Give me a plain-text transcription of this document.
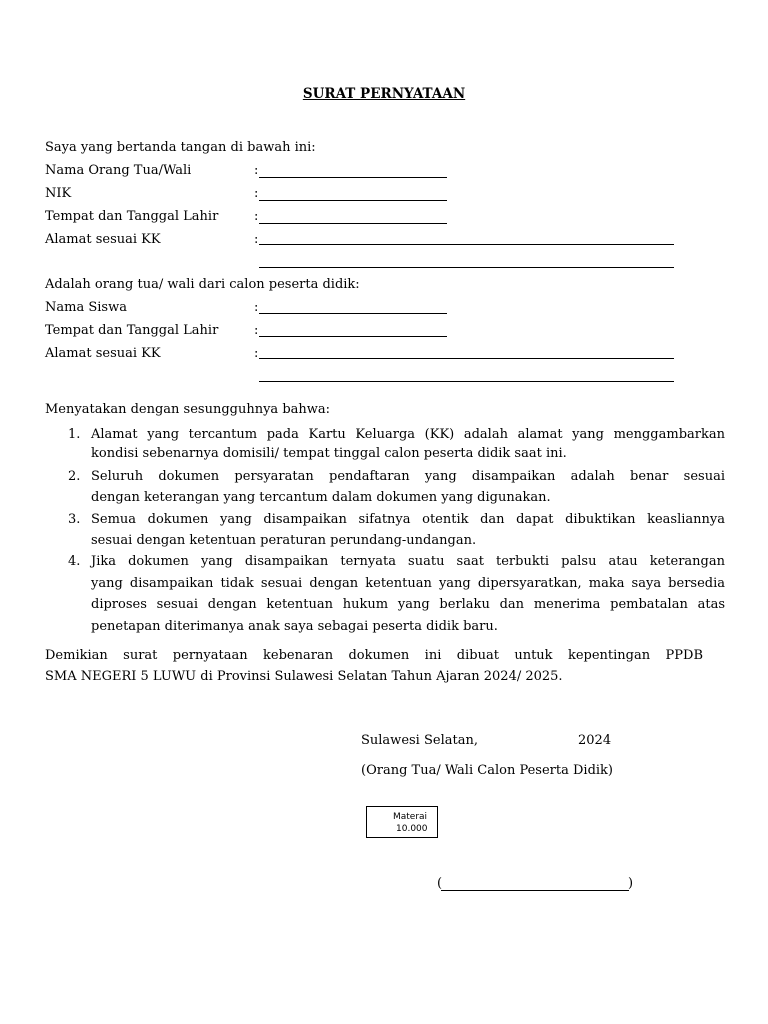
SURAT PERNYATAAN
Saya yang bertanda tangan di bawah ini:
Nama Orang Tua/Wali	:
NIK	:
Tempat dan Tanggal Lahir	:
Alamat sesuai KK	:
Adalah orang tua/ wali dari calon peserta didik:
Nama Siswa	:
Tempat dan Tanggal Lahir	:
Alamat sesuai KK	:
Menyatakan dengan sesungguhnya bahwa:
1. Alamat yang tercantum pada Kartu Keluarga (KK) adalah alamat yang menggambarkan
kondisi sebenarnya domisili/ tempat tinggal calon peserta didik saat ini.
2. Seluruh dokumen persyaratan pendaftaran yang disampaikan adalah benar sesuai
dengan keterangan yang tercantum dalam dokumen yang digunakan.
3. Semua dokumen yang disampaikan sifatnya otentik dan dapat dibuktikan keasliannya
sesuai dengan ketentuan peraturan perundang-undangan.
4. Jika dokumen yang disampaikan ternyata suatu saat terbukti palsu atau keterangan
yang disampaikan tidak sesuai dengan ketentuan yang dipersyaratkan, maka saya bersedia
diproses sesuai dengan ketentuan hukum yang berlaku dan menerima pembatalan atas
penetapan diterimanya anak saya sebagai peserta didik baru.
Demikian surat pernyataan kebenaran dokumen ini dibuat untuk kepentingan PPDB
SMA NEGERI 5 LUWU di Provinsi Sulawesi Selatan Tahun Ajaran 2024/ 2025.
Sulawesi Selatan,	2024
(Orang Tua/ Wali Calon Peserta Didik)
Materai
10.000
(	)
